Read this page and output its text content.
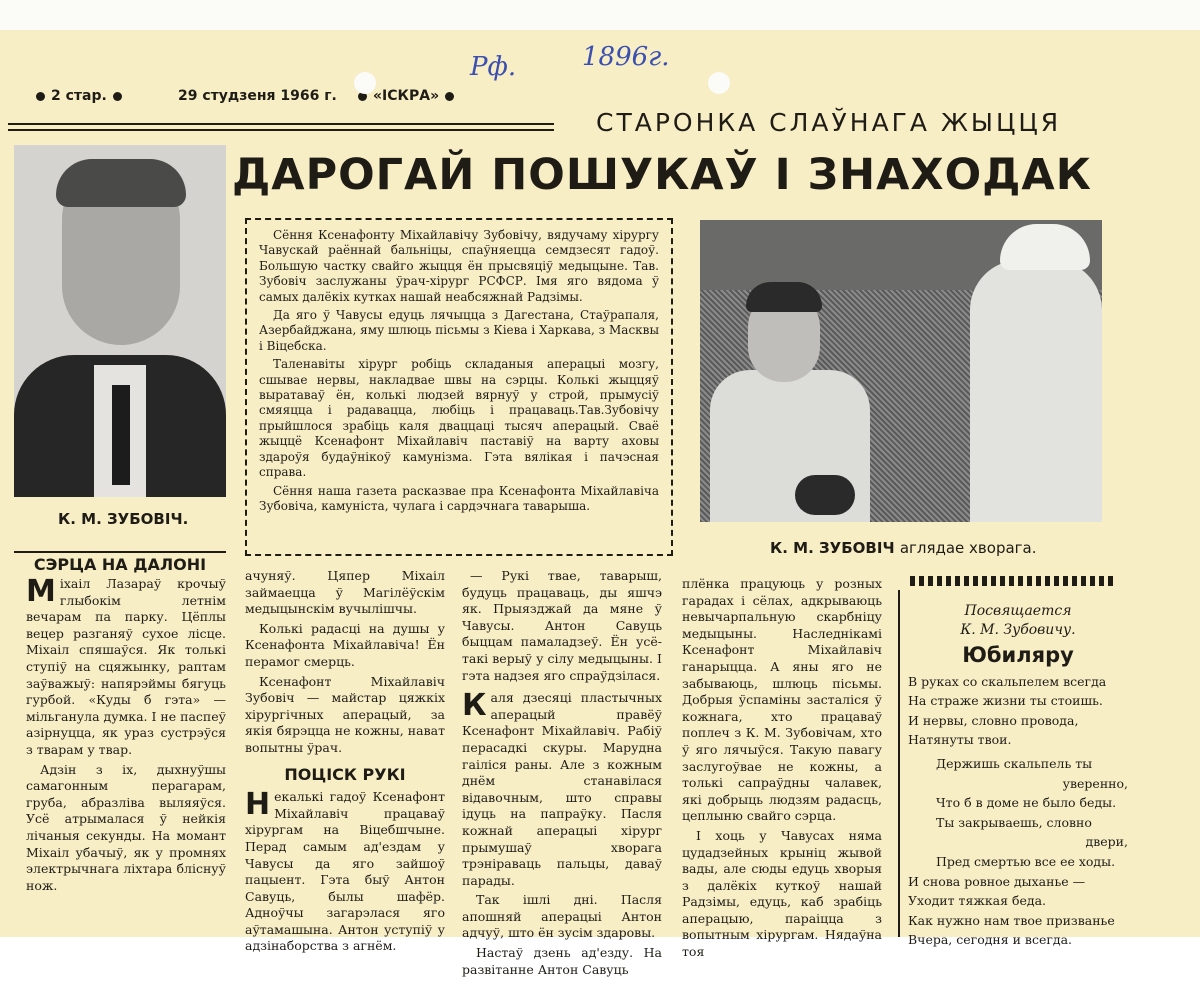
2 стар.	29 студзеня 1966 г.	«ІСКРА»
Рф.	1896г.
СТАРОНКА СЛАЎНАГА ЖЫЦЦЯ
ДАРОГАЙ ПОШУКАЎ І ЗНАХОДАК
К. М. ЗУБОВІЧ.

Сёння Ксенафонту Міхайлавічу Зубовічу, вядучаму хірургу Чавускай раённай бальніцы, спаўняецца семдзесят гадоў. Большую частку свайго жыцця ён прысвяціў медыцыне. Тав. Зубовіч заслужаны ўрач-хірург РСФСР. Імя яго вядома ў самых далёкіх кутках нашай неабсяжнай Радзімы.

Да яго ў Чавусы едуць лячыцца з Дагестана, Стаўрапаля, Азербайджана, яму шлюць пісьмы з Кіева і Харкава, з Масквы і Віцебска.

Таленавіты хірург робіць складаныя аперацыі мозгу, сшывае нервы, накладвае швы на сэрцы. Колькі жыццяў выратаваў ён, колькі людзей вярнуў у строй, прымусіў смяяцца і радавацца, любіць і працаваць.Тав.Зубовічу прыйшлося зрабіць каля дваццаці тысяч аперацый. Сваё жыццё Ксенафонт Міхайлавіч паставіў на варту аховы здароўя будаўнікоў камунізма. Гэта вялікая і пачэсная справа.

Сёння наша газета расказвае пра Ксенафонта Міхайлавіча Зубовіча, камуніста, чулага і сардэчнага таварыша.

К. М. ЗУБОВІЧ аглядае хворага.
СЭРЦА НА ДАЛОНІ

Міхаіл Лазараў крочыў глыбокім летнім вечарам па парку. Цёплы вецер разганяў сухое лісце. Міхаіл спяшаўся. Як толькі ступіў на сцяжынку, раптам заўважыў: напярэймы бягуць гурбой. «Куды б гэта» — мільганула думка. І не паспеў азірнуцца, як ураз сустрэўся з тварам у твар.

Адзін з іх, дыхнуўшы самагонным перагарам, груба, абразліва выляяўся. Усё атрымалася ў нейкія лічаныя секунды. На момант Міхаіл убачыў, як у промнях электрычнага ліхтара бліснуў нож.

ачуняў. Цяпер Міхаіл займаецца ў Магілёўскім медыцынскім вучылішчы.

Колькі радасці на душы у Ксенафонта Міхайлавіча! Ён перамог смерць.

Ксенафонт Міхайлавіч Зубовіч — майстар цяжкіх хірургічных аперацый, за якія бярэцца не кожны, нават вопытны ўрач.

ПОЦІСК РУКІ

Некалькі гадоў Ксенафонт Міхайлавіч працаваў хірургам на Віцебшчыне. Перад самым ад'ездам у Чавусы да яго зайшоў пацыент. Гэта быў Антон Савуць, былы шафёр. Адноўчы загарэлася яго аўтамашына. Антон уступіў у адзінаборства з агнём.

— Рукі твае, таварыш, будуць працаваць, ды яшчэ як. Прыязджай да мяне ў Чавусы. Антон Савуць быццам памаладзеў. Ён усё-такі верыў у сілу медыцыны. І гэта надзея яго спраўдзілася.

Каля дзесяці пластычных аперацый правёў Ксенафонт Міхайлавіч. Рабіў пераcадкі скуры. Марудна гаіліся раны. Але з кожным днём станавілася відавочным, што справы ідуць на папраўку. Пасля кожнай аперацыі хірург прымушаў хворага трэніраваць пальцы, даваў парады.

Так ішлі дні. Пасля апошняй аперацыі Антон адчуў, што ён зусім здаровы.

Настаў дзень ад'езду. На развітанне Антон Савуць

плёнка працуюць у розных гарадах і сёлах, адкрываюць невычарпальную скарбніцу медыцыны. Наследнікамі Ксенафонт Міхайлавіч ганарыцца. А яны яго не забываюць, шлюць пісьмы. Добрыя ўспаміны засталіся ў кожнага, хто працаваў поплеч з К. М. Зубовічам, хто ў яго лячыўся. Такую павагу заслугоўвае не кожны, а толькі сапраўдны чалавек, які добрыць людзям радасць, цеплыню свайго сэрца.

І хоць у Чавусах няма цудадзейных крыніц жывой вады, але сюды едуць хворыя з далёкіх куткоў нашай Радзімы, едуць, каб зрабіць аперацыю, параіцца з вопытным хірургам. Нядаўна тоя

Посвящается
К. М. Зубовичу.
Юбиляру
В руках со скальпелем всегда
На страже жизни ты стоишь.
И нервы, словно провода,
Натянуты твои.
Держишь скальпель ты
уверенно,
Что б в доме не было беды.
Ты закрываешь, словно
двери,
Пред смертью все ее ходы.
И снова ровное дыханье —
Уходит тяжкая беда.
Как нужно нам твое призванье
Вчера, сегодня и всегда.
